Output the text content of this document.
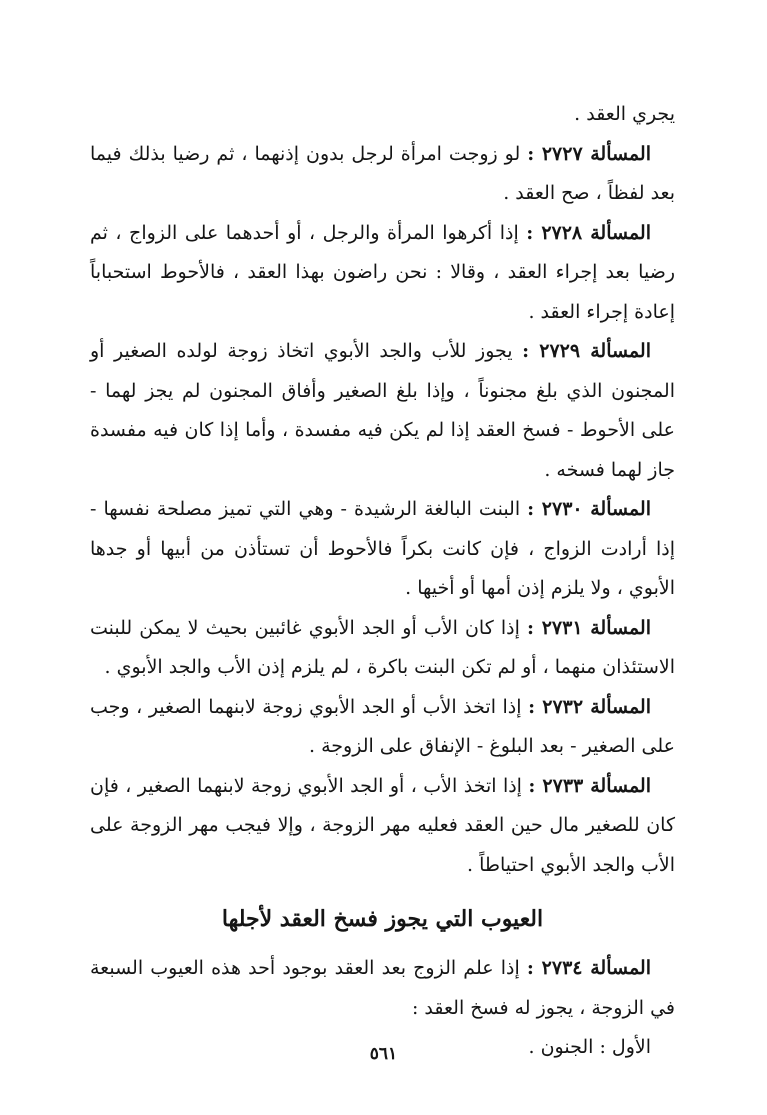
يجري العقد .

المسألة ٢٧٢٧ : لو زوجت امرأة لرجل بدون إذنهما ، ثم رضيا بذلك فيما بعد لفظاً ، صح العقد .

المسألة ٢٧٢٨ : إذا أكرهوا المرأة والرجل ، أو أحدهما على الزواج ، ثم رضيا بعد إجراء العقد ، وقالا : نحن راضون بهذا العقد ، فالأحوط استحباباً إعادة إجراء العقد .

المسألة ٢٧٢٩ : يجوز للأب والجد الأبوي اتخاذ زوجة لولده الصغير أو المجنون الذي بلغ مجنوناً ، وإذا بلغ الصغير وأفاق المجنون لم يجز لهما - على الأحوط - فسخ العقد إذا لم يكن فيه مفسدة ، وأما إذا كان فيه مفسدة جاز لهما فسخه .

المسألة ٢٧٣٠ : البنت البالغة الرشيدة - وهي التي تميز مصلحة نفسها - إذا أرادت الزواج ، فإن كانت بكراً فالأحوط أن تستأذن من أبيها أو جدها الأبوي ، ولا يلزم إذن أمها أو أخيها .

المسألة ٢٧٣١ : إذا كان الأب أو الجد الأبوي غائبين بحيث لا يمكن للبنت الاستئذان منهما ، أو لم تكن البنت باكرة ، لم يلزم إذن الأب والجد الأبوي .

المسألة ٢٧٣٢ : إذا اتخذ الأب أو الجد الأبوي زوجة لابنهما الصغير ، وجب على الصغير - بعد البلوغ - الإنفاق على الزوجة .

المسألة ٢٧٣٣ : إذا اتخذ الأب ، أو الجد الأبوي زوجة لابنهما الصغير ، فإن كان للصغير مال حين العقد فعليه مهر الزوجة ، وإلا فيجب مهر الزوجة على الأب والجد الأبوي احتياطاً .

العيوب التي يجوز فسخ العقد لأجلها

المسألة ٢٧٣٤ : إذا علم الزوج بعد العقد بوجود أحد هذه العيوب السبعة في الزوجة ، يجوز له فسخ العقد :

الأول : الجنون .

٥٦١
